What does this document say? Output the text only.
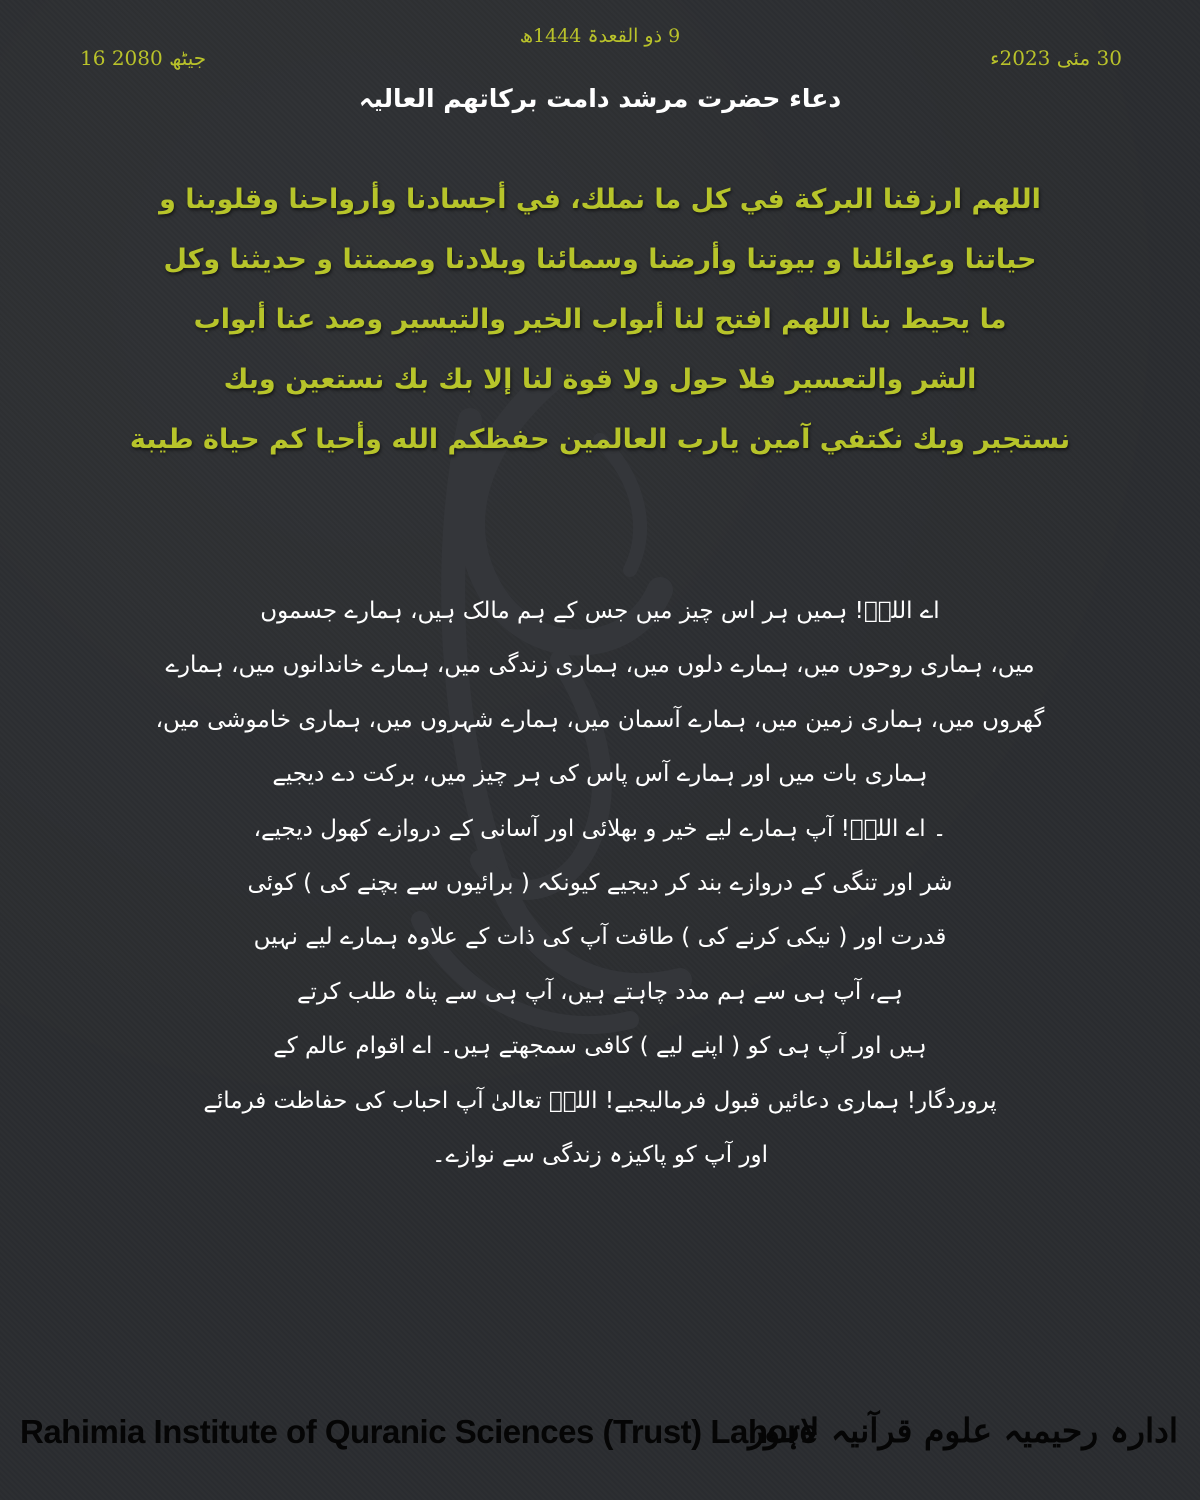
16 جیٹھ 2080
9 ذو القعدۃ 1444ھ
30 مئی 2023ء
دعاء حضرت مرشد دامت برکاتھم العالیہ
اللھم ارزقنا البركة في كل ما نملك، في أجسادنا وأرواحنا وقلوبنا و
حياتنا وعوائلنا و بيوتنا وأرضنا وسمائنا وبلادنا وصمتنا و حديثنا وكل
ما يحيط بنا اللھم افتح لنا أبواب الخير والتيسير وصد عنا أبواب
الشر والتعسير فلا حول ولا قوة لنا إلا بك بك نستعين وبك
نستجير وبك نكتفي آمين يارب العالمين حفظكم الله وأحيا كم حياة طيبة
اے اللہؑ! ہمیں ہر اس چیز میں جس کے ہم مالک ہیں، ہمارے جسموں
میں، ہماری روحوں میں، ہمارے دلوں میں، ہماری زندگی میں، ہمارے خاندانوں میں، ہمارے
گھروں میں، ہماری زمین میں، ہمارے آسمان میں، ہمارے شہروں میں، ہماری خاموشی میں،
ہماری بات میں اور ہمارے آس پاس کی ہر چیز میں، برکت دے دیجیے
۔ اے اللہؑ! آپ ہمارے لیے خیر و بھلائی اور آسانی کے دروازے کھول دیجیے،
شر اور تنگی کے دروازے بند کر دیجیے کیونکہ ( برائیوں سے بچنے کی ) کوئی
قدرت اور ( نیکی کرنے کی ) طاقت آپ کی ذات کے علاوہ ہمارے لیے نہیں
ہے، آپ ہی سے ہم مدد چاہتے ہیں، آپ ہی سے پناہ طلب کرتے
ہیں اور آپ ہی کو ( اپنے لیے ) کافی سمجھتے ہیں۔ اے اقوام عالم کے
پروردگار! ہماری دعائیں قبول فرمالیجیے! اللہؑ تعالیٰ آپ احباب کی حفاظت فرمائے
اور آپ کو پاکیزہ زندگی سے نوازے۔
Rahimia Institute of Quranic Sciences (Trust) Lahore
ادارہ رحیمیہ علوم قرآنیہ لاہور
